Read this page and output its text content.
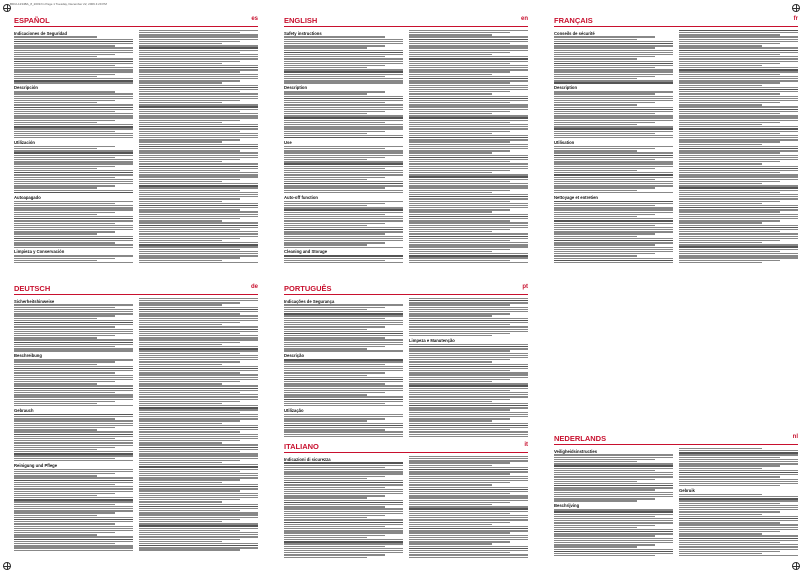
BDUL1234BA_8_2009.fm Page 1 Tuesday, December 22, 2009 4:29 PM
ESPAÑOL	es
Indicaciones de Seguridad
Descripción
Utilización
Autoapagado
Limpieza y Conservación
ENGLISH	en
Safety instructions
Description
Use
Auto-off function
Cleaning and Storage
FRANÇAIS	fr
Conseils de sécurité
Description
Utilisation
Nettoyage et entretien
DEUTSCH	de
Sicherheitshinweise
Beschreibung
Gebrauch
Reinigung und Pflege
PORTUGUÊS	pt
Indicações de Segurança
Descrição
Utilização
Limpeza e Manutenção
ITALIANO	it
Indicazioni di sicurezza
NEDERLANDS	nl
Veiligheidsinstructies
Beschrijving
Gebruik
